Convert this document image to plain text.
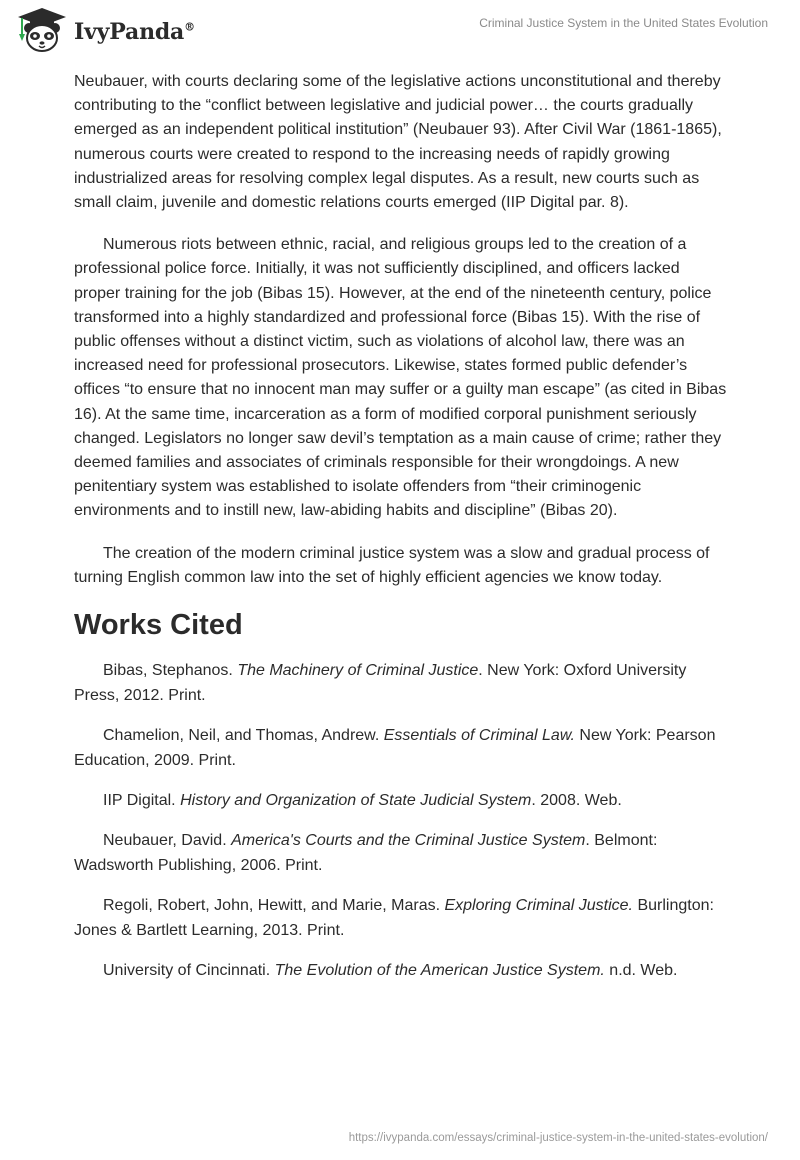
IvyPanda®	Criminal Justice System in the United States Evolution

Neubauer, with courts declaring some of the legislative actions unconstitutional and thereby contributing to the “conflict between legislative and judicial power… the courts gradually emerged as an independent political institution” (Neubauer 93). After Civil War (1861-1865), numerous courts were created to respond to the increasing needs of rapidly growing industrialized areas for resolving complex legal disputes. As a result, new courts such as small claim, juvenile and domestic relations courts emerged (IIP Digital par. 8).

Numerous riots between ethnic, racial, and religious groups led to the creation of a professional police force. Initially, it was not sufficiently disciplined, and officers lacked proper training for the job (Bibas 15). However, at the end of the nineteenth century, police transformed into a highly standardized and professional force (Bibas 15). With the rise of public offenses without a distinct victim, such as violations of alcohol law, there was an increased need for professional prosecutors. Likewise, states formed public defender’s offices “to ensure that no innocent man may suffer or a guilty man escape” (as cited in Bibas 16). At the same time, incarceration as a form of modified corporal punishment seriously changed. Legislators no longer saw devil’s temptation as a main cause of crime; rather they deemed families and associates of criminals responsible for their wrongdoings. A new penitentiary system was established to isolate offenders from “their criminogenic environments and to instill new, law-abiding habits and discipline” (Bibas 20).

The creation of the modern criminal justice system was a slow and gradual process of turning English common law into the set of highly efficient agencies we know today.

Works Cited

Bibas, Stephanos. The Machinery of Criminal Justice. New York: Oxford University Press, 2012. Print.

Chamelion, Neil, and Thomas, Andrew. Essentials of Criminal Law. New York: Pearson Education, 2009. Print.

IIP Digital. History and Organization of State Judicial System. 2008. Web.

Neubauer, David. America's Courts and the Criminal Justice System. Belmont: Wadsworth Publishing, 2006. Print.

Regoli, Robert, John, Hewitt, and Marie, Maras. Exploring Criminal Justice. Burlington: Jones & Bartlett Learning, 2013. Print.

University of Cincinnati. The Evolution of the American Justice System. n.d. Web.

https://ivypanda.com/essays/criminal-justice-system-in-the-united-states-evolution/
